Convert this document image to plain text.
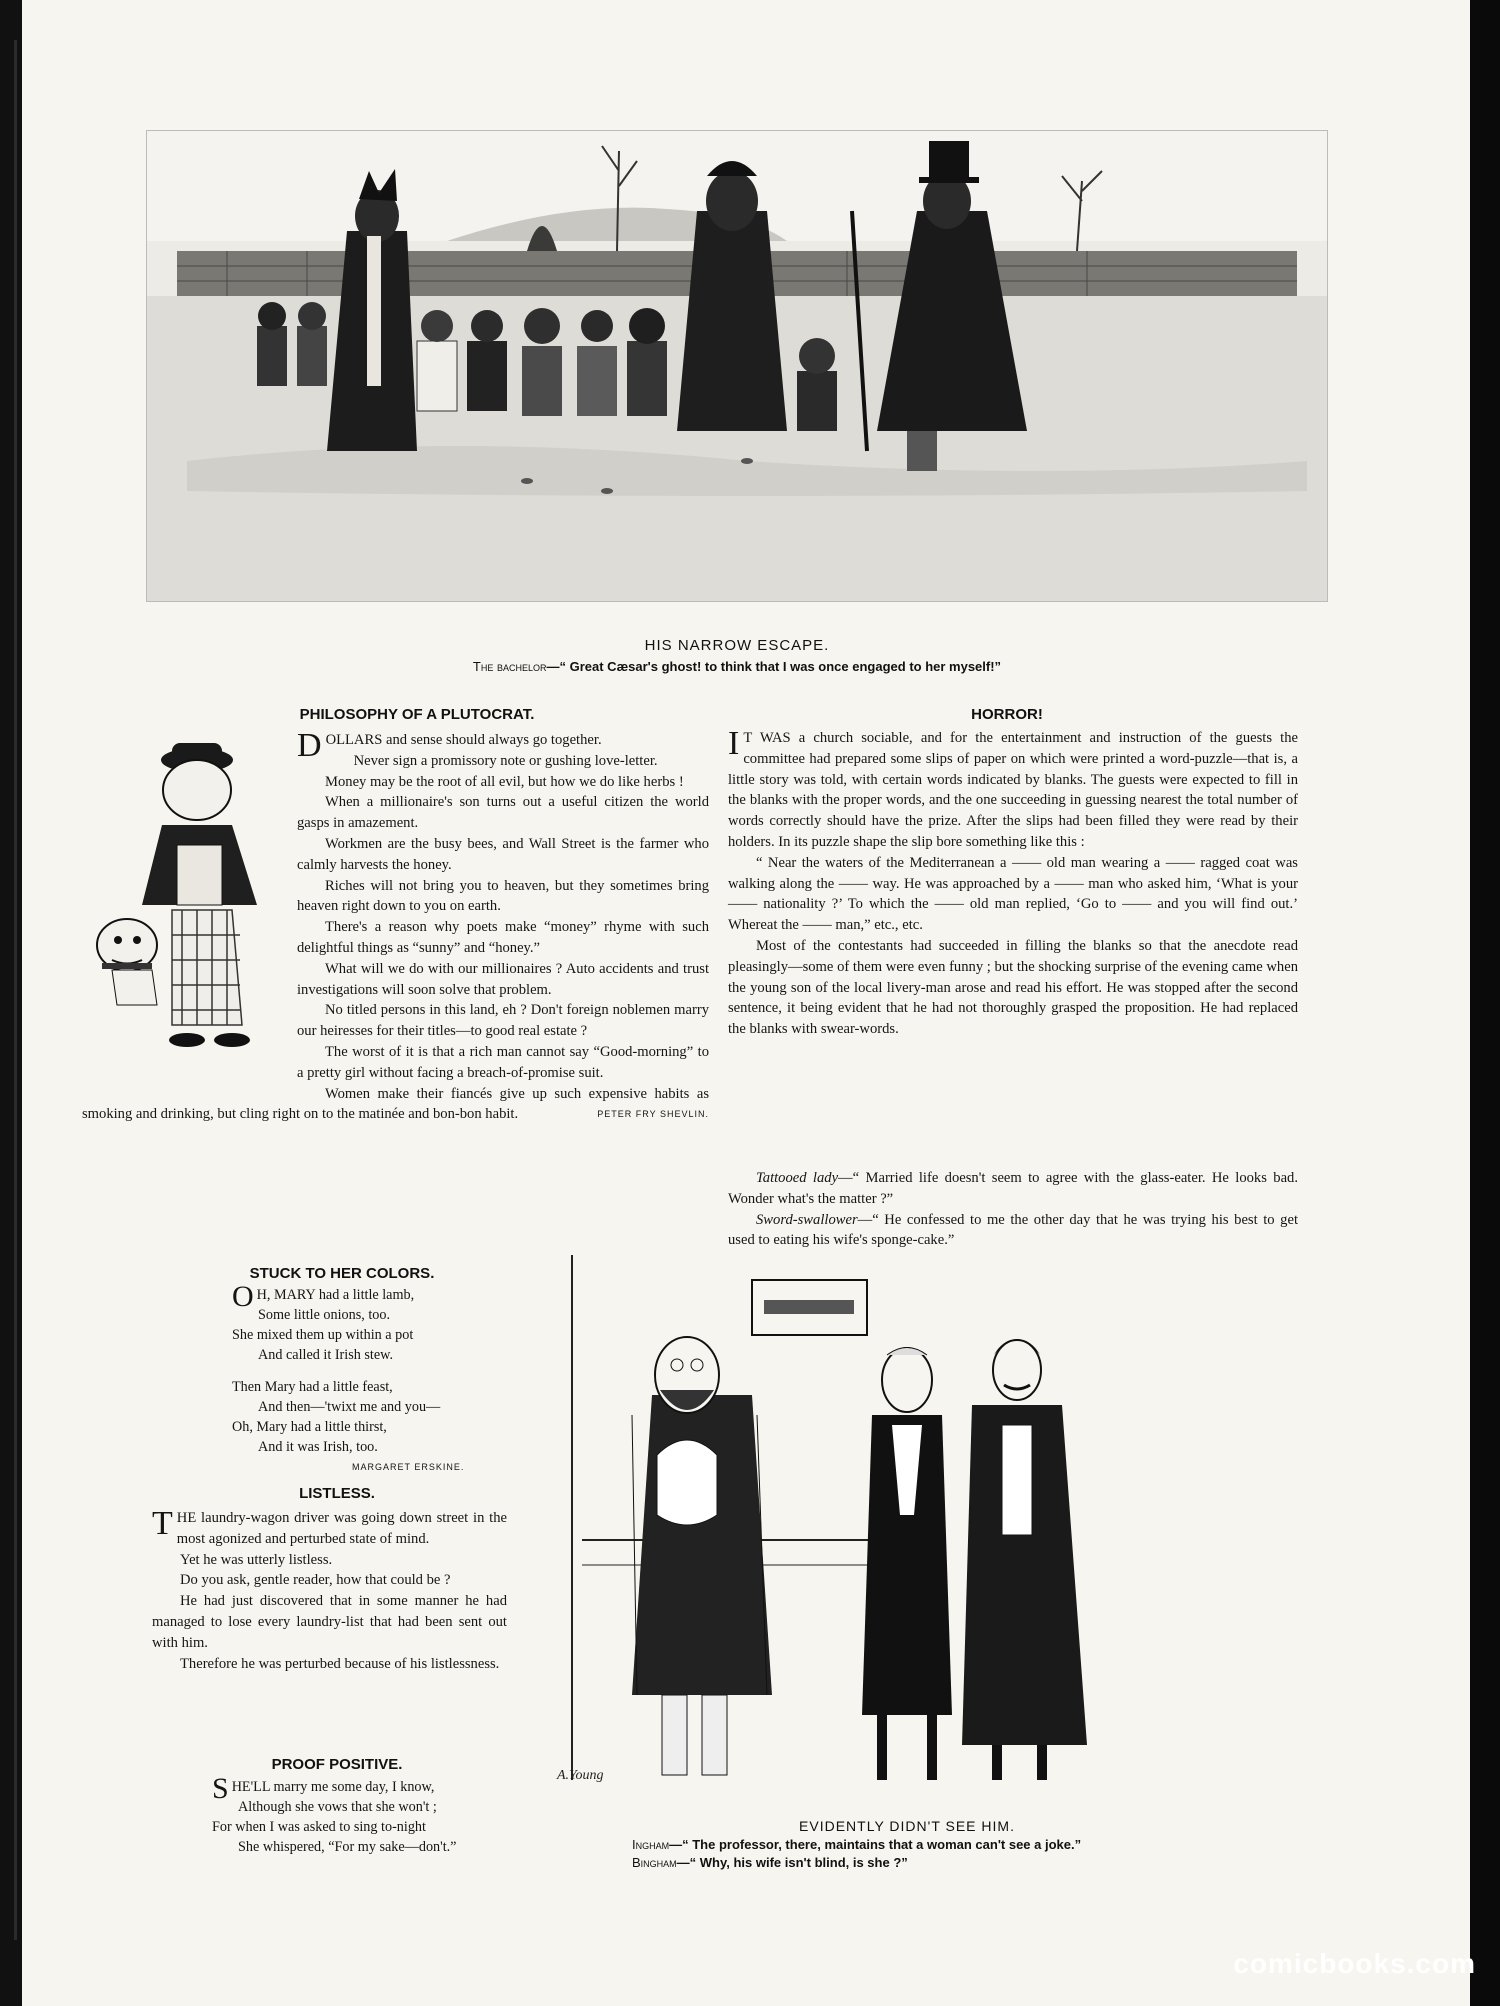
HIS NARROW ESCAPE.
The bachelor—“ Great Cæsar's ghost! to think that I was once engaged to her myself!”
PHILOSOPHY OF A PLUTOCRAT.

DOLLARS and sense should always go together.

Never sign a promissory note or gushing love-letter.

Money may be the root of all evil, but how we do like herbs !

When a millionaire's son turns out a useful citizen the world gasps in amazement.

Workmen are the busy bees, and Wall Street is the farmer who calmly harvests the honey.

Riches will not bring you to heaven, but they sometimes bring heaven right down to you on earth.

There's a reason why poets make “money” rhyme with such delightful things as “sunny” and “honey.”

What will we do with our millionaires ? Auto accidents and trust investigations will soon solve that problem.

No titled persons in this land, eh ? Don't foreign noblemen marry our heiresses for their titles—to good real estate ?

The worst of it is that a rich man cannot say “Good-morning” to a pretty girl without facing a breach-of-promise suit.

Women make their fiancés give up such expensive habits as smoking and drinking, but cling right on to the matinée and bon-bon habit.	PETER FRY SHEVLIN.

HORROR!

I T WAS a church sociable, and for the entertainment and instruction of the guests the committee had prepared some slips of paper on which were printed a word-puzzle—that is, a little story was told, with certain words indicated by blanks. The guests were expected to fill in the blanks with the proper words, and the one succeeding in guessing nearest the total number of words correctly should have the prize. After the slips had been filled they were read by their holders. In its puzzle shape the slip bore something like this :

“ Near the waters of the Mediterranean a —— old man wearing a —— ragged coat was walking along the —— way. He was approached by a —— man who asked him, ‘What is your —— nationality ?’ To which the —— old man replied, ‘Go to —— and you will find out.’ Whereat the —— man,” etc., etc.

Most of the contestants had succeeded in filling the blanks so that the anecdote read pleasingly—some of them were even funny ; but the shocking surprise of the evening came when the young son of the local livery-man arose and read his effort. He was stopped after the second sentence, it being evident that he had not thoroughly grasped the proposition. He had replaced the blanks with swear-words.

Tattooed lady—“ Married life doesn't seem to agree with the glass-eater. He looks bad. Wonder what's the matter ?”

Sword-swallower—“ He confessed to me the other day that he was trying his best to get used to eating his wife's sponge-cake.”

STUCK TO HER COLORS.
O H, MARY had a little lamb,
Some little onions, too.
She mixed them up within a pot
And called it Irish stew.
Then Mary had a little feast,
And then—'twixt me and you—
Oh, Mary had a little thirst,
And it was Irish, too.
MARGARET ERSKINE.
LISTLESS.

THE laundry-wagon driver was going down street in the most agonized and perturbed state of mind.

Yet he was utterly listless.

Do you ask, gentle reader, how that could be ?

He had just discovered that in some manner he had managed to lose every laundry-list that had been sent out with him.

Therefore he was perturbed because of his listlessness.

PROOF POSITIVE.
SHE'LL marry me some day, I know,
Although she vows that she won't ;
For when I was asked to sing to-night
She whispered, “For my sake—don't.”
A.Young
EVIDENTLY DIDN'T SEE HIM.
Ingham—“ The professor, there, maintains that a woman can't see a joke.”
Bingham—“ Why, his wife isn't blind, is she ?”
comicbooks.com
